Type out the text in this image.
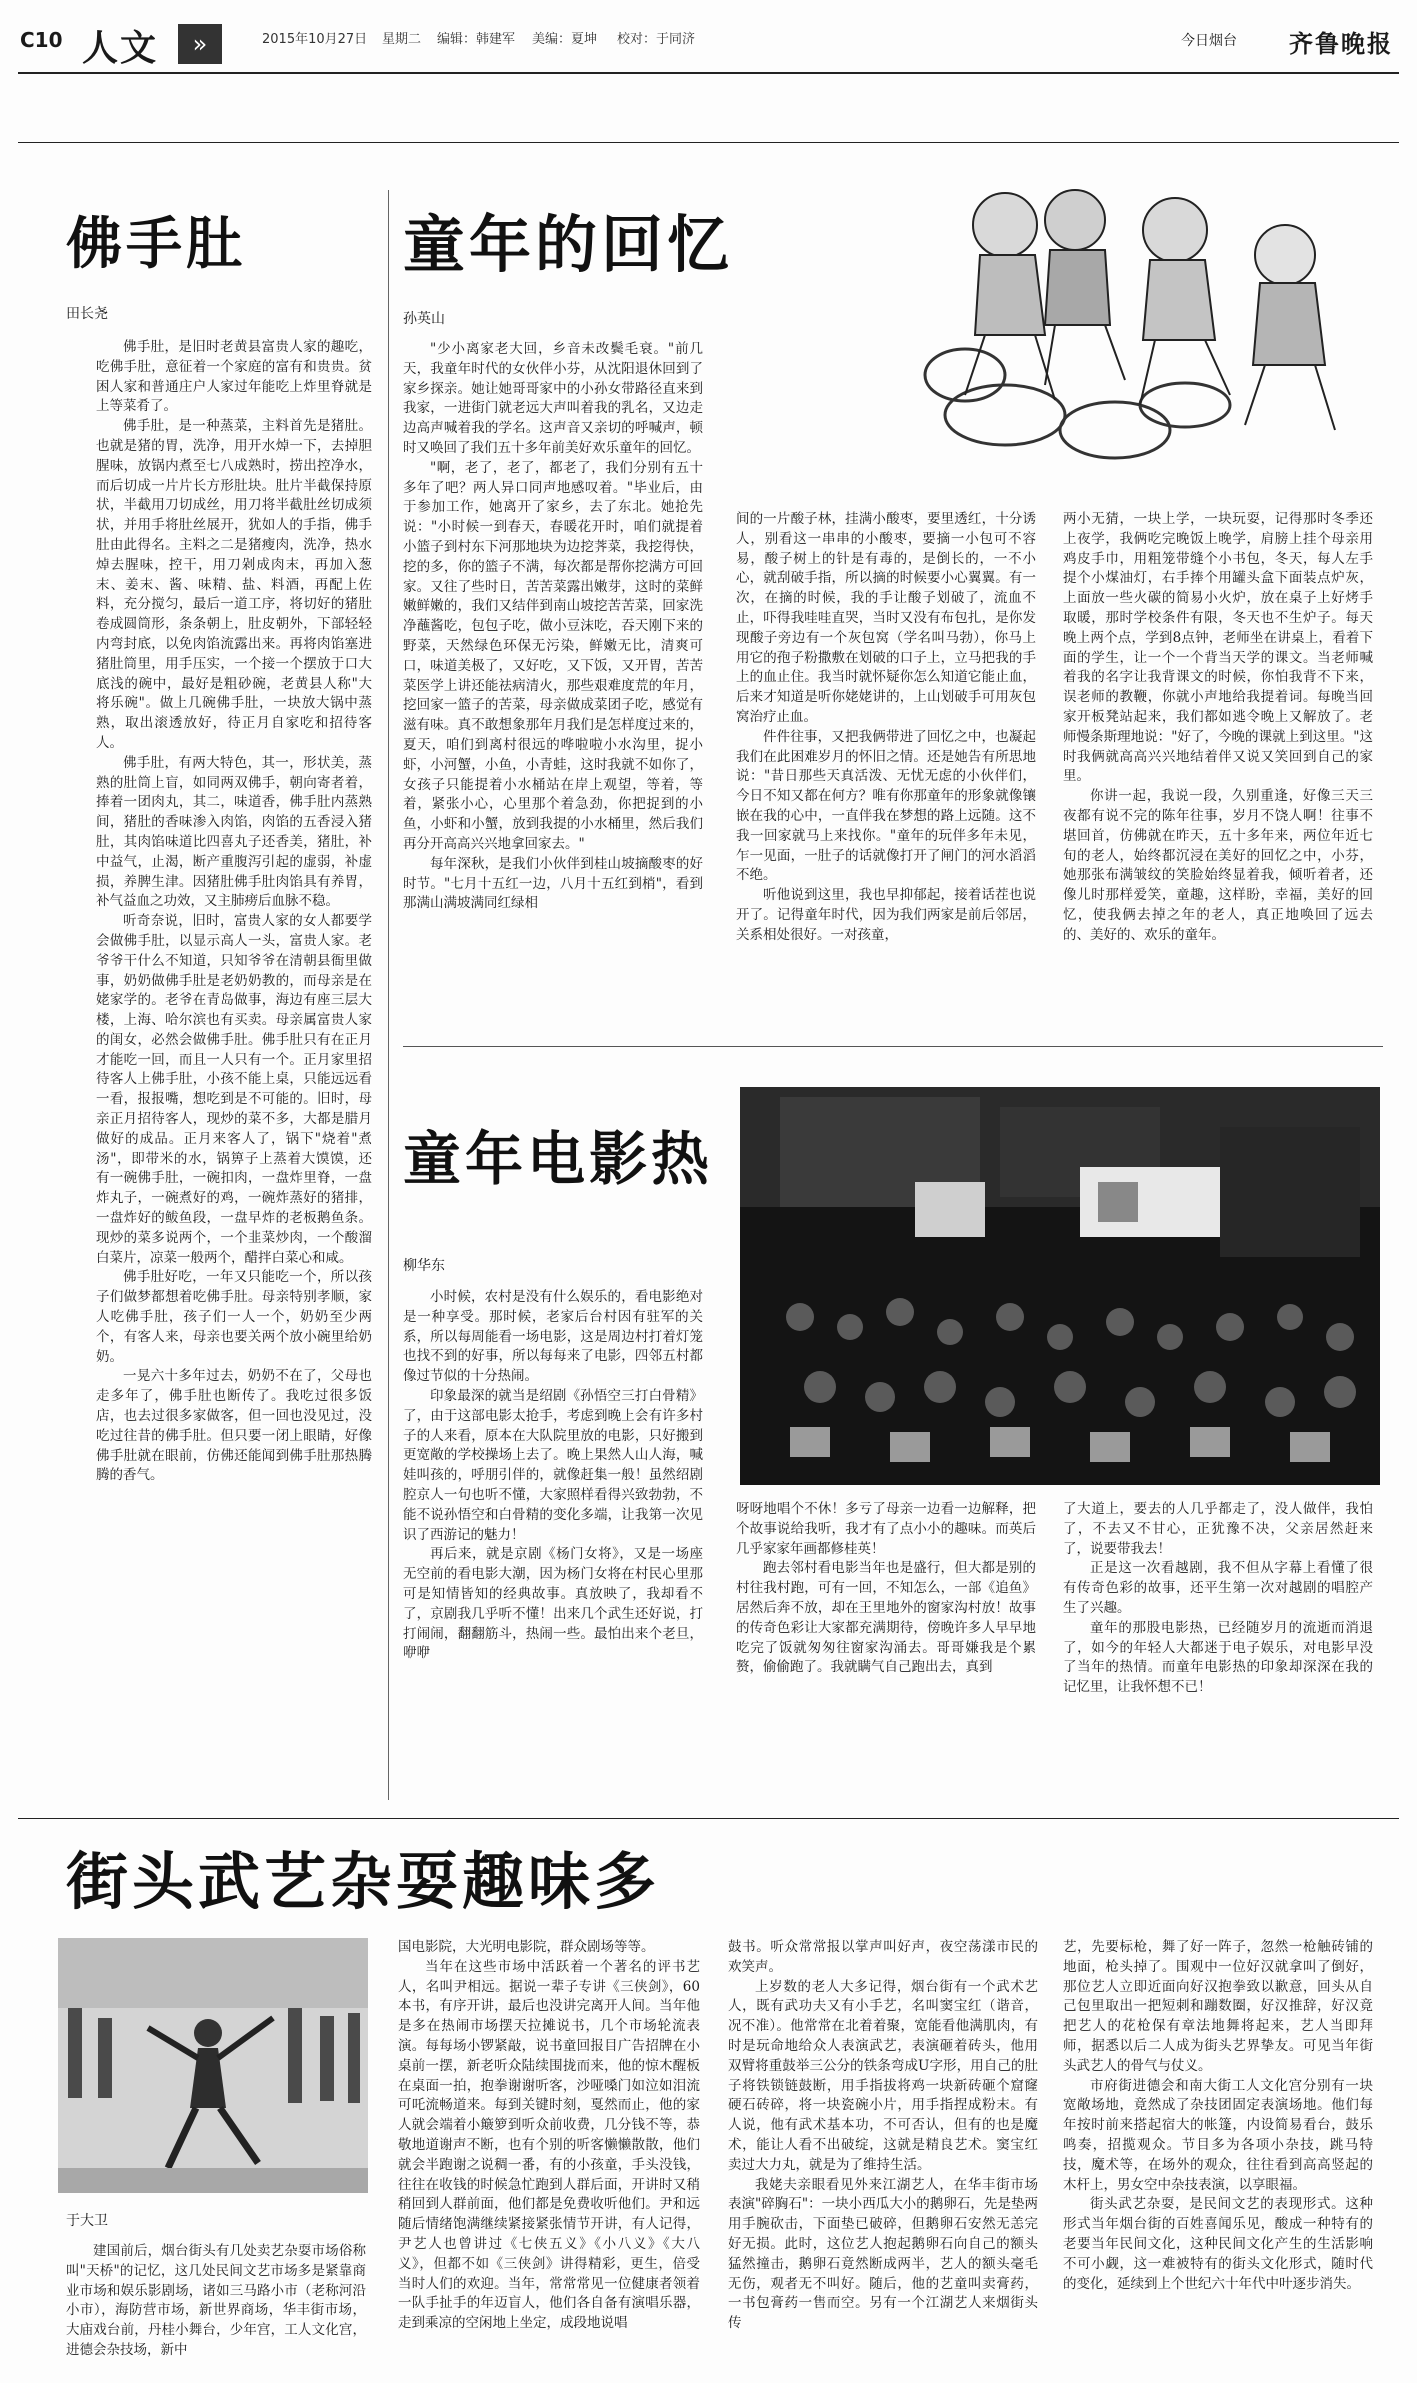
C10 人文	»	2015年10月27日 星期二 编辑：韩建军 美编：夏坤 校对：于同济	今日烟台 齐鲁晚报
佛手肚
田长尧

佛手肚，是旧时老黄县富贵人家的趣吃，吃佛手肚，意征着一个家庭的富有和贵贵。贫困人家和普通庄户人家过年能吃上炸里脊就是上等菜肴了。

佛手肚，是一种蒸菜，主料首先是猪肚。也就是猪的胃，洗净，用开水焯一下，去掉胆腥味，放锅内煮至七八成熟时，捞出控净水，而后切成一片片长方形肚块。肚片半截保持原状，半截用刀切成丝，用刀将半截肚丝切成须状，并用手将肚丝展开，犹如人的手指，佛手肚由此得名。主料之二是猪瘦肉，洗净，热水焯去腥味，控干，用刀剁成肉末，再加入葱末、姜末、酱、味精、盐、料酒，再配上佐料，充分搅匀，最后一道工序，将切好的猪肚卷成圆筒形，条条朝上，肚皮朝外，下部轻轻内弯封底，以免肉馅流露出来。再将肉馅塞进猪肚筒里，用手压实，一个接一个摆放于口大底浅的碗中，最好是粗砂碗，老黄县人称"大将乐碗"。做上几碗佛手肚，一块放大锅中蒸熟，取出滚透放好，待正月自家吃和招待客人。

佛手肚，有两大特色，其一，形状美，蒸熟的肚筒上盲，如同两双佛手，朝向寄者着，捧着一团肉丸，其二，味道香，佛手肚内蒸熟间，猪肚的香味渗入肉馅，肉馅的五香浸入猪肚，其肉馅味道比四喜丸子还香美，猪肚，补中益气，止渴，断产重腹泻引起的虚弱，补虚损，养脾生津。因猪肚佛手肚肉馅具有养胃，补气益血之功效，又主肺痨后血脉不稳。

听奇奈说，旧时，富贵人家的女人都要学会做佛手肚，以显示高人一头，富贵人家。老爷爷干什么不知道，只知爷爷在清朝县衙里做事，奶奶做佛手肚是老奶奶教的，而母亲是在姥家学的。老爷在青岛做事，海边有座三层大楼，上海、哈尔滨也有买卖。母亲属富贵人家的闺女，必然会做佛手肚。佛手肚只有在正月才能吃一回，而且一人只有一个。正月家里招待客人上佛手肚，小孩不能上桌，只能远远看一看，报报嘴，想吃到是不可能的。旧时，母亲正月招待客人，现炒的菜不多，大都是腊月做好的成品。正月来客人了，锅下"烧着"煮汤"，即带米的水，锅箅子上蒸着大馍馍，还有一碗佛手肚，一碗扣肉，一盘炸里脊，一盘炸丸子，一碗煮好的鸡，一碗炸蒸好的猪排，一盘炸好的鲅鱼段，一盘早炸的老板鹅鱼条。现炒的菜多说两个，一个韭菜炒肉，一个酸溜白菜片，凉菜一般两个，醋拌白菜心和咸。

佛手肚好吃，一年又只能吃一个，所以孩子们做梦都想着吃佛手肚。母亲特别孝顺，家人吃佛手肚，孩子们一人一个，奶奶至少两个，有客人来，母亲也要关两个放小碗里给奶奶。

一晃六十多年过去，奶奶不在了，父母也走多年了，佛手肚也断传了。我吃过很多饭店，也去过很多家做客，但一回也没见过，没吃过往昔的佛手肚。但只要一闭上眼睛，好像佛手肚就在眼前，仿佛还能闻到佛手肚那热腾腾的香气。

童年的回忆
孙英山

"少小离家老大回，乡音未改鬓毛衰。"前几天，我童年时代的女伙伴小芬，从沈阳退休回到了家乡探亲。她让她哥哥家中的小孙女带路径直来到我家，一进街门就老远大声叫着我的乳名，又边走边高声喊着我的学名。这声音又亲切的呼喊声，顿时又唤回了我们五十多年前美好欢乐童年的回忆。

"啊，老了，老了，都老了，我们分别有五十多年了吧？两人异口同声地感叹着。"毕业后，由于参加工作，她离开了家乡，去了东北。她抢先说："小时候一到春天，春暖花开时，咱们就提着小篮子到村东下河那地块为边挖荠菜，我挖得快，挖的多，你的篮子不满，每次都是帮你挖满方可回家。又往了些时日，苦苦菜露出嫩芽，这时的菜鲜嫩鲜嫩的，我们又结伴到南山坡挖苦苦菜，回家洗净蘸酱吃，包包子吃，做小豆沫吃，吞天刚下来的野菜，天然绿色环保无污染，鲜嫩无比，清爽可口，味道美极了，又好吃，又下饭，又开胃，苦苦菜医学上讲还能祛病清火，那些艰难度荒的年月，挖回家一篮子的苦菜，母亲做成菜团子吃，感觉有滋有味。真不敢想象那年月我们是怎样度过来的，夏天，咱们到离村很远的哗啦啦小水沟里，捉小虾，小河蟹，小鱼，小青蛙，这时我就不如你了，女孩子只能提着小水桶站在岸上观望，等着，等着，紧张小心，心里那个着急劲，你把捉到的小鱼，小虾和小蟹，放到我提的小水桶里，然后我们再分开高高兴兴地拿回家去。"

每年深秋，是我们小伙伴到桂山坡摘酸枣的好时节。"七月十五红一边，八月十五红到梢"，看到那满山满坡满同红绿相

间的一片酸子林，挂满小酸枣，要里透红，十分诱人，别看这一串串的小酸枣，要摘一小包可不容易，酸子树上的针是有毒的，是倒长的，一不小心，就刮破手指，所以摘的时候要小心翼翼。有一次，在摘的时候，我的手让酸子划破了，流血不止，吓得我哇哇直哭，当时又没有布包扎，是你发现酸子旁边有一个灰包窝（学名叫马勃），你马上用它的孢子粉撒敷在划破的口子上，立马把我的手上的血止住。我当时就怀疑你怎么知道它能止血，后来才知道是听你姥姥讲的，上山划破手可用灰包窝治疗止血。

件件往事，又把我俩带进了回忆之中，也凝起我们在此困难岁月的怀旧之情。还是她告有所思地说："昔日那些天真活泼、无忧无虑的小伙伴们，今日不知又都在何方？唯有你那童年的形象就像镶嵌在我的心中，一直伴我在梦想的路上远随。这不我一回家就马上来找你。"童年的玩伴多年未见，乍一见面，一肚子的话就像打开了闸门的河水滔滔不绝。

听他说到这里，我也早抑郁起，接着话茬也说开了。记得童年时代，因为我们两家是前后邻居，关系相处很好。一对孩童，

两小无猜，一块上学，一块玩耍，记得那时冬季还上夜学，我俩吃完晚饭上晚学，肩膀上挂个母亲用鸡皮手巾，用粗笼带缝个小书包，冬天，每人左手提个小煤油灯，右手捧个用罐头盒下面装点炉灰，上面放一些火碳的简易小火炉，放在桌子上好烤手取暖，那时学校条件有限，冬天也不生炉子。每天晚上两个点，学到8点钟，老师坐在讲桌上，看着下面的学生，让一个一个背当天学的课文。当老师喊着我的名字让我背课文的时候，你怕我背不下来，误老师的教鞭，你就小声地给我提着词。每晚当回家开板凳站起来，我们都如逃令晚上又解放了。老师慢条斯理地说："好了，今晚的课就上到这里。"这时我俩就高高兴兴地结着伴又说又笑回到自己的家里。

你讲一起，我说一段，久别重逢，好像三天三夜都有说不完的陈年往事，岁月不饶人啊！往事不堪回首，仿佛就在昨天，五十多年来，两位年近七旬的老人，始终都沉浸在美好的回忆之中，小芬，她那张布满皱纹的笑脸始终显着我，倾听着者，还像儿时那样爱笑，童趣，这样盼，幸福，美好的回忆，使我俩去掉之年的老人，真正地唤回了远去的、美好的、欢乐的童年。

童年电影热
柳华东

小时候，农村是没有什么娱乐的，看电影绝对是一种享受。那时候，老家后台村因有驻军的关系，所以每周能看一场电影，这是周边村打着灯笼也找不到的好事，所以每每来了电影，四邻五村都像过节似的十分热闹。

印象最深的就当是绍剧《孙悟空三打白骨精》了，由于这部电影太抢手，考虑到晚上会有许多村子的人来看，原本在大队院里放的电影，只好搬到更宽敞的学校操场上去了。晚上果然人山人海，喊娃叫孩的，呼朋引伴的，就像赶集一般！虽然绍剧腔京人一句也听不懂，大家照样看得兴致勃勃，不能不说孙悟空和白骨精的变化多端，让我第一次见识了西游记的魅力！

再后来，就是京剧《杨门女将》，又是一场座无空前的看电影大潮，因为杨门女将在村民心里那可是知情皆知的经典故事。真放映了，我却看不了，京剧我几乎听不懂！出来几个武生还好说，打打闹闹，翻翻筋斗，热闹一些。最怕出来个老旦，咿咿

呀呀地唱个不休！多亏了母亲一边看一边解释，把个故事说给我听，我才有了点小小的趣味。而英后几乎家家年画都修桂英！

跑去邻村看电影当年也是盛行，但大都是别的村往我村跑，可有一回，不知怎么，一部《追鱼》居然后奔不放，却在王里地外的窗家沟村放！故事的传奇色彩让大家都充满期待，傍晚许多人早早地吃完了饭就匆匆往窗家沟涌去。哥哥嫌我是个累赘，偷偷跑了。我就瞒气自己跑出去，真到

了大道上，要去的人几乎都走了，没人做伴，我怕了，不去又不甘心，正犹豫不决，父亲居然赶来了，说要带我去！

正是这一次看越剧，我不但从字幕上看懂了很有传奇色彩的故事，还平生第一次对越剧的唱腔产生了兴趣。

童年的那股电影热，已经随岁月的流逝而消退了，如今的年轻人大都迷于电子娱乐，对电影早没了当年的热情。而童年电影热的印象却深深在我的记忆里，让我怀想不已！

街头武艺杂耍趣味多
于大卫

建国前后，烟台街头有几处卖艺杂耍市场俗称叫"天桥"的记忆，这几处民间文艺市场多是紧靠商业市场和娱乐影剧场，诸如三马路小市（老称河沿小市），海防营市场，新世界商场，华丰街市场，大庙戏台前，丹桂小舞台，少年宫，工人文化宫，进德会杂技场，新中

国电影院，大光明电影院，群众剧场等等。

当年在这些市场中活跃着一个著名的评书艺人，名叫尹相远。据说一辈子专讲《三侠剑》，60本书，有序开讲，最后也没讲完离开人间。当年他是多在热闹市场摆天拉摊说书，几个市场轮流表演。每每场小锣紧敲，说书童回报目广告招牌在小桌前一摆，新老听众陆续围拢而来，他的惊木醒板在桌面一拍，抱拳谢谢听客，沙哑嗓门如泣如泪流可吒流畅道来。每到关键时刻，戛然而止，他的家人就会端着小簸箩到听众前收费，几分钱不等，恭敬地道谢声不断，也有个别的听客懒懒散散，他们就会半跑谢之说稠一番，有的小孩童，手头没钱，往往在收钱的时候急忙跑到人群后面，开讲时又稍稍回到人群前面，他们都是免费收听他们。尹和远随后情绪饱满继续紧接紧张情节开讲，有人记得，尹艺人也曾讲过《七侠五义》《小八义》《大八义》，但都不如《三侠剑》讲得精彩，更生，倍受当时人们的欢迎。当年，常常常见一位健康者领着一队手扯手的年迈盲人，他们各自备有演唱乐器，走到乘凉的空闲地上坐定，成段地说唱

鼓书。听众常常报以掌声叫好声，夜空荡漾市民的欢笑声。

上岁数的老人大多记得，烟台街有一个武术艺人，既有武功夫又有小手艺，名叫窦宝红（谐音，况不准）。他常常在北着着聚，宽能看他满肌肉，有时是玩命地给众人表演武艺，表演砸着砖头，他用双臂将重鼓举三公分的铁条弯成U字形，用自己的肚子将铁锁链鼓断，用手指拔将鸡一块新砖砸个窟窿硬石砖碎，将一块瓷碗小片，用手指捏成粉末。有人说，他有武术基本功，不可否认，但有的也是魔术，能让人看不出破绽，这就是精良艺术。窦宝红卖过大力丸，就是为了维持生活。

我姥夫亲眼看见外来江湖艺人，在华丰街市场表演"碎胸石"：一块小西瓜大小的鹅卵石，先是垫两用手腕砍击，下面垫已破碎，但鹅卵石安然无恙完好无损。此时，这位艺人抱起鹅卵石向自己的额头猛然撞击，鹅卵石竟然断成两半，艺人的额头毫毛无伤，观者无不叫好。随后，他的艺童叫卖膏药，一书包膏药一售而空。另有一个江湖艺人来烟街头传

艺，先要标枪，舞了好一阵子，忽然一枪触砖铺的地面，枪头掉了。围观中一位好汉就拿叫了倒好，那位艺人立即近面向好汉抱拳致以歉意，回头从自己包里取出一把短刺和蹦数圈，好汉推辞，好汉竟把艺人的花枪保有章法地舞将起来，艺人当即拜师，据悉以后二人成为街头艺界挚友。可见当年街头武艺人的骨气与仗义。

市府街进德会和南大街工人文化宫分别有一块宽敞场地，竟然成了杂技团固定表演场地。他们每年按时前来搭起宿大的帐篷，内设简易看台，鼓乐鸣奏，招揽观众。节目多为各项小杂技，跳马特技，魔术等，在场外的观众，往往看到高高竖起的木杆上，男女空中杂技表演，以享眼福。

街头武艺杂耍，是民间文艺的表现形式。这种形式当年烟台街的百姓喜闻乐见，酸成一种特有的老要当年民间文化，这种民间文化产生的生活影响不可小觑，这一难被特有的街头文化形式，随时代的变化，延续到上个世纪六十年代中叶逐步消失。
